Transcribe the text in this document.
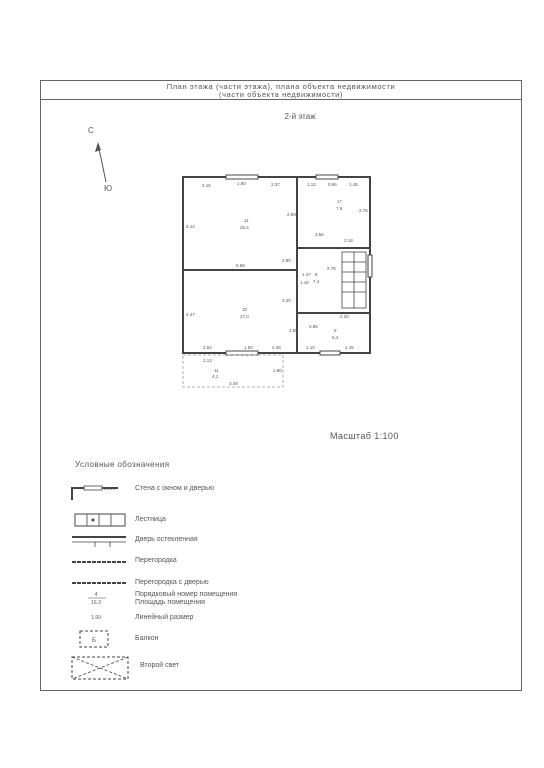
План этажа (части этажа), плана объекта недвижимости
(части объекта недвижимости)
2-й этаж
С
Ю
11
25,4
10
27,0
17
7,6
8
7,4
9
5,4
11
4,1
2.15	1.80	2.37	1.12	0.96	1.45
5.14
2.89
2.75
3.56
2.18
5.68
2.80
1.18
1.47
2.75
3.20
2.20
4.47
2.65
0.95
2.54	1.50	2.48	1.10	1.45
2.13
3.49
1.80
Масштаб 1:100
Условные обозначения
4
16,3
1.99
Б
Стена с окном и дверью
Лестница
Дверь остекленная
Перегородка
Перегородка с дверью
Порядковый номер помещения
Площадь помещения
Линейный размер
Балкон
Второй свет
